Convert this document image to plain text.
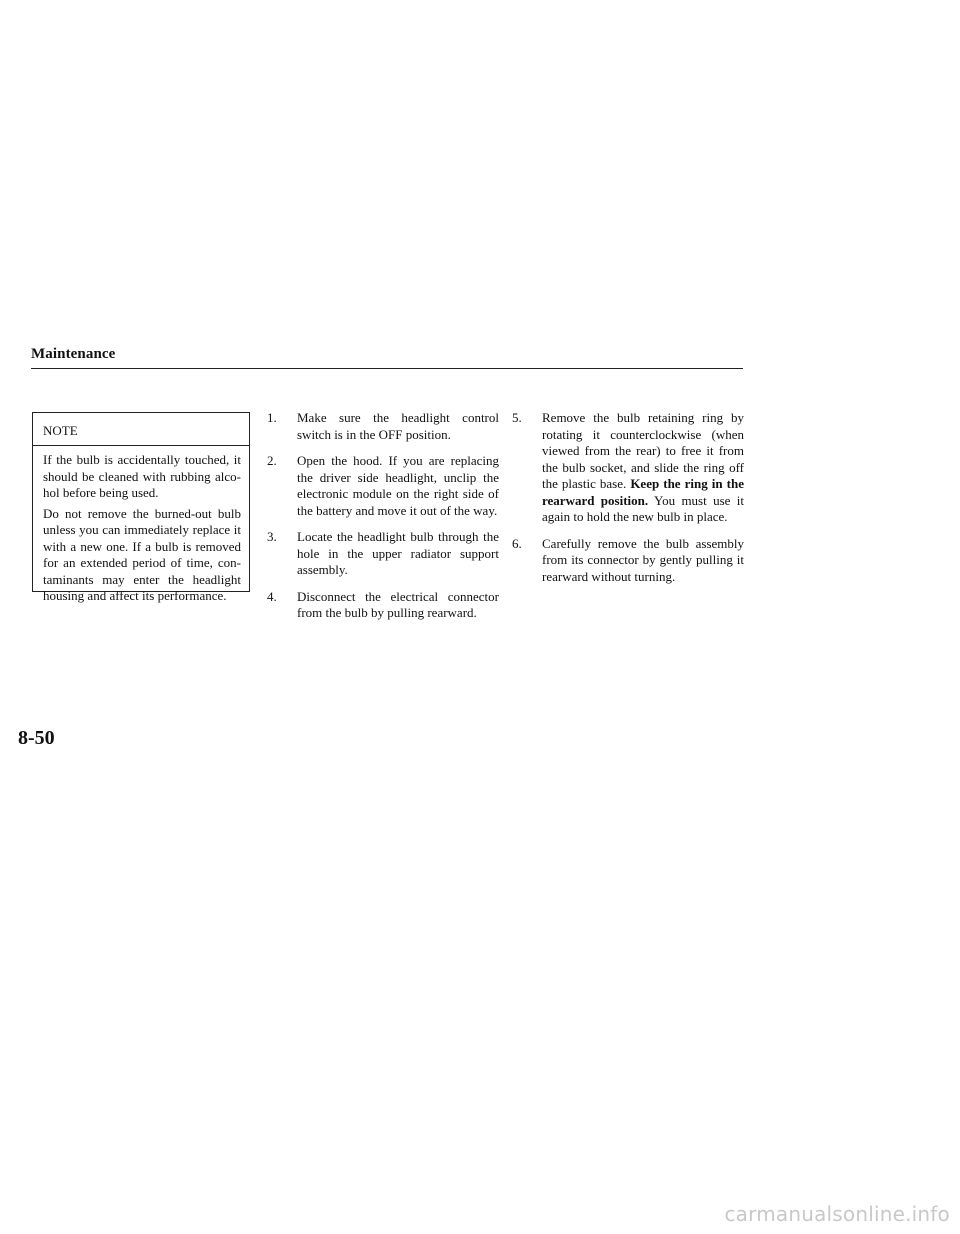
Maintenance
NOTE

If the bulb is accidentally touched, it should be cleaned with rubbing alco-hol before being used.

Do not remove the burned-out bulb unless you can immediately replace it with a new one. If a bulb is removed for an extended period of time, con-taminants may enter the headlight housing and affect its performance.

1.	Make sure the headlight control switch is in the OFF position.
2.	Open the hood. If you are replacing the driver side headlight, unclip the electronic module on the right side of the battery and move it out of the way.
3.	Locate the headlight bulb through the hole in the upper radiator support assembly.
4.	Disconnect the electrical connector from the bulb by pulling rearward.
5.	Remove the bulb retaining ring by rotating it counterclockwise (when viewed from the rear) to free it from the bulb socket, and slide the ring off the plastic base. Keep the ring in the rearward position. You must use it again to hold the new bulb in place.
6.	Carefully remove the bulb assembly from its connector by gently pulling it rearward without turning.
8-50
carmanualsonline.info
